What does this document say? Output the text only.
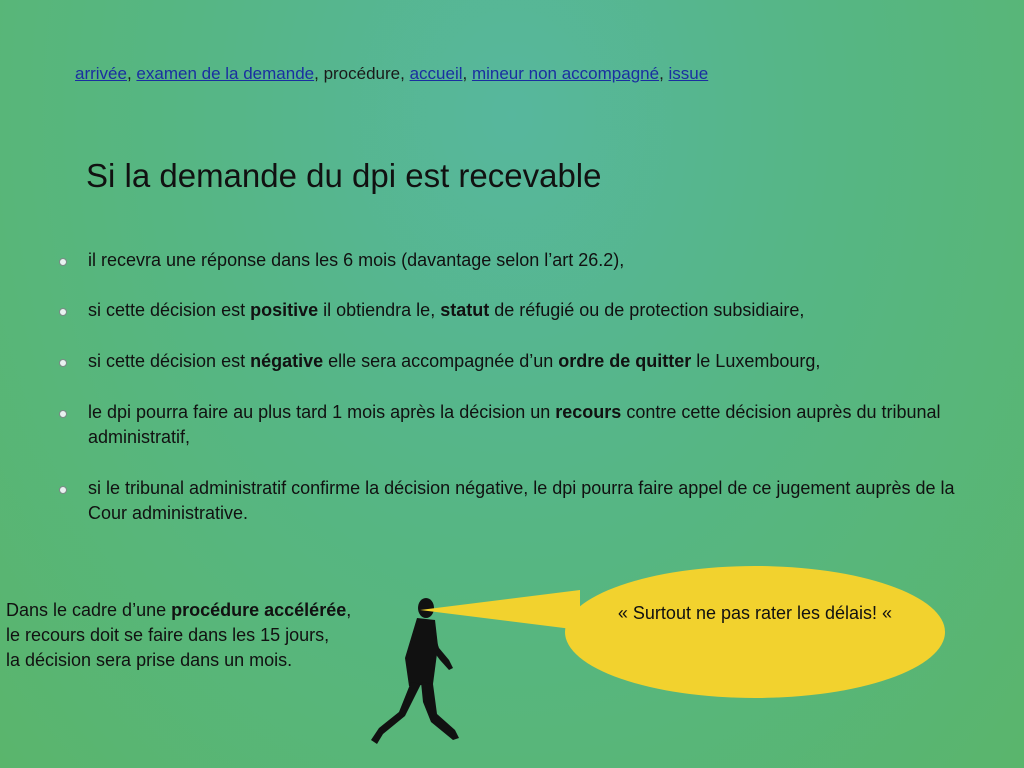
arrivée, examen de la demande, procédure, accueil, mineur non accompagné, issue
Si la demande du dpi est recevable
il recevra une réponse dans les 6 mois (davantage selon l’art 26.2),
si cette décision est positive il obtiendra le, statut de réfugié ou de protection subsidiaire,
si cette décision est négative elle sera accompagnée d’un ordre de quitter le Luxembourg,
le dpi pourra faire au plus tard 1 mois après la décision un recours contre cette décision auprès du tribunal administratif,
si le tribunal administratif confirme la décision négative, le dpi pourra faire appel de ce jugement auprès de la Cour administrative.
Dans le cadre d’une procédure accélérée,
le recours doit se faire dans les 15 jours,
la décision sera prise dans un mois.
« Surtout ne pas rater les délais! «
